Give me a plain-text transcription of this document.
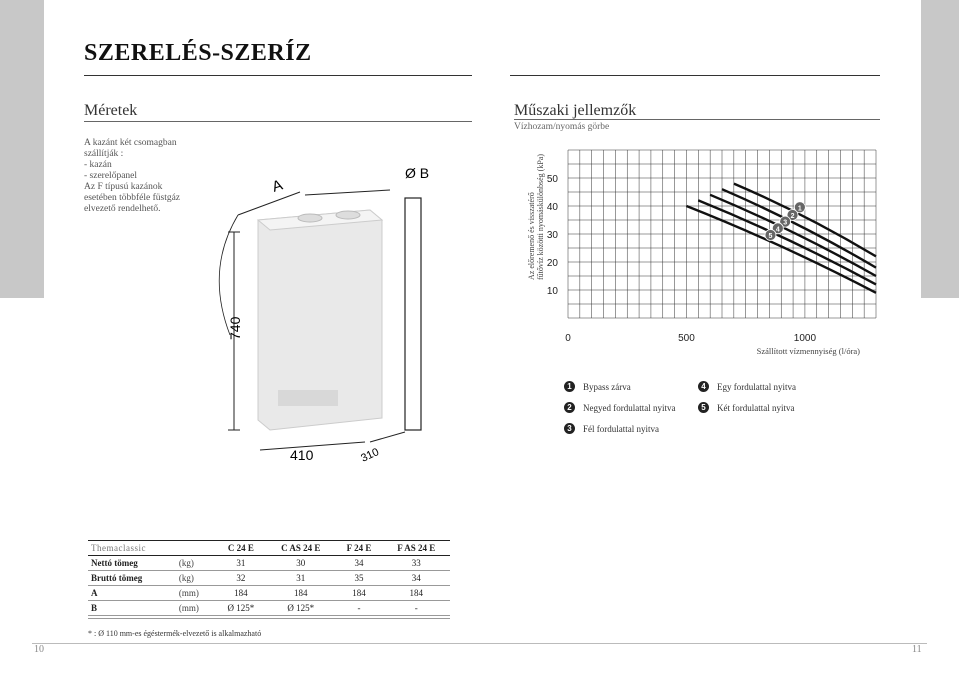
SZERELÉS-SZERÍZ
Méretek
A kazánt két csomagban
szállítják :
- kazán
- szerelőpanel
Az F típusú kazánok
esetében többféle füstgáz
elvezető rendelhető.
A
Ø B
740
410	310
Műszaki jellemzők
Vízhozam/nyomás görbe
1
2
3
4
5
50
40
30
20
10
0	500	1000
Az előremenő és visszatérő fűtővíz közötti nyomáskülönbség (kPa)
Szállított vízmennyiség (l/óra)
1	Bypass zárva
2	Negyed fordulattal nyitva
3	Fél fordulattal nyitva
4	Egy fordulattal nyitva
5	Két fordulattal nyitva
Themaclassic		C 24 E	C AS 24 E	F 24 E	F AS 24 E
Nettó tömeg	(kg)	31	30	34	33
Bruttó tömeg	(kg)	32	31	35	34
A	(mm)	184	184	184	184
B	(mm)	Ø 125*	Ø 125*	-	-
* : Ø 110 mm-es égéstermék-elvezető is alkalmazható
10	11
